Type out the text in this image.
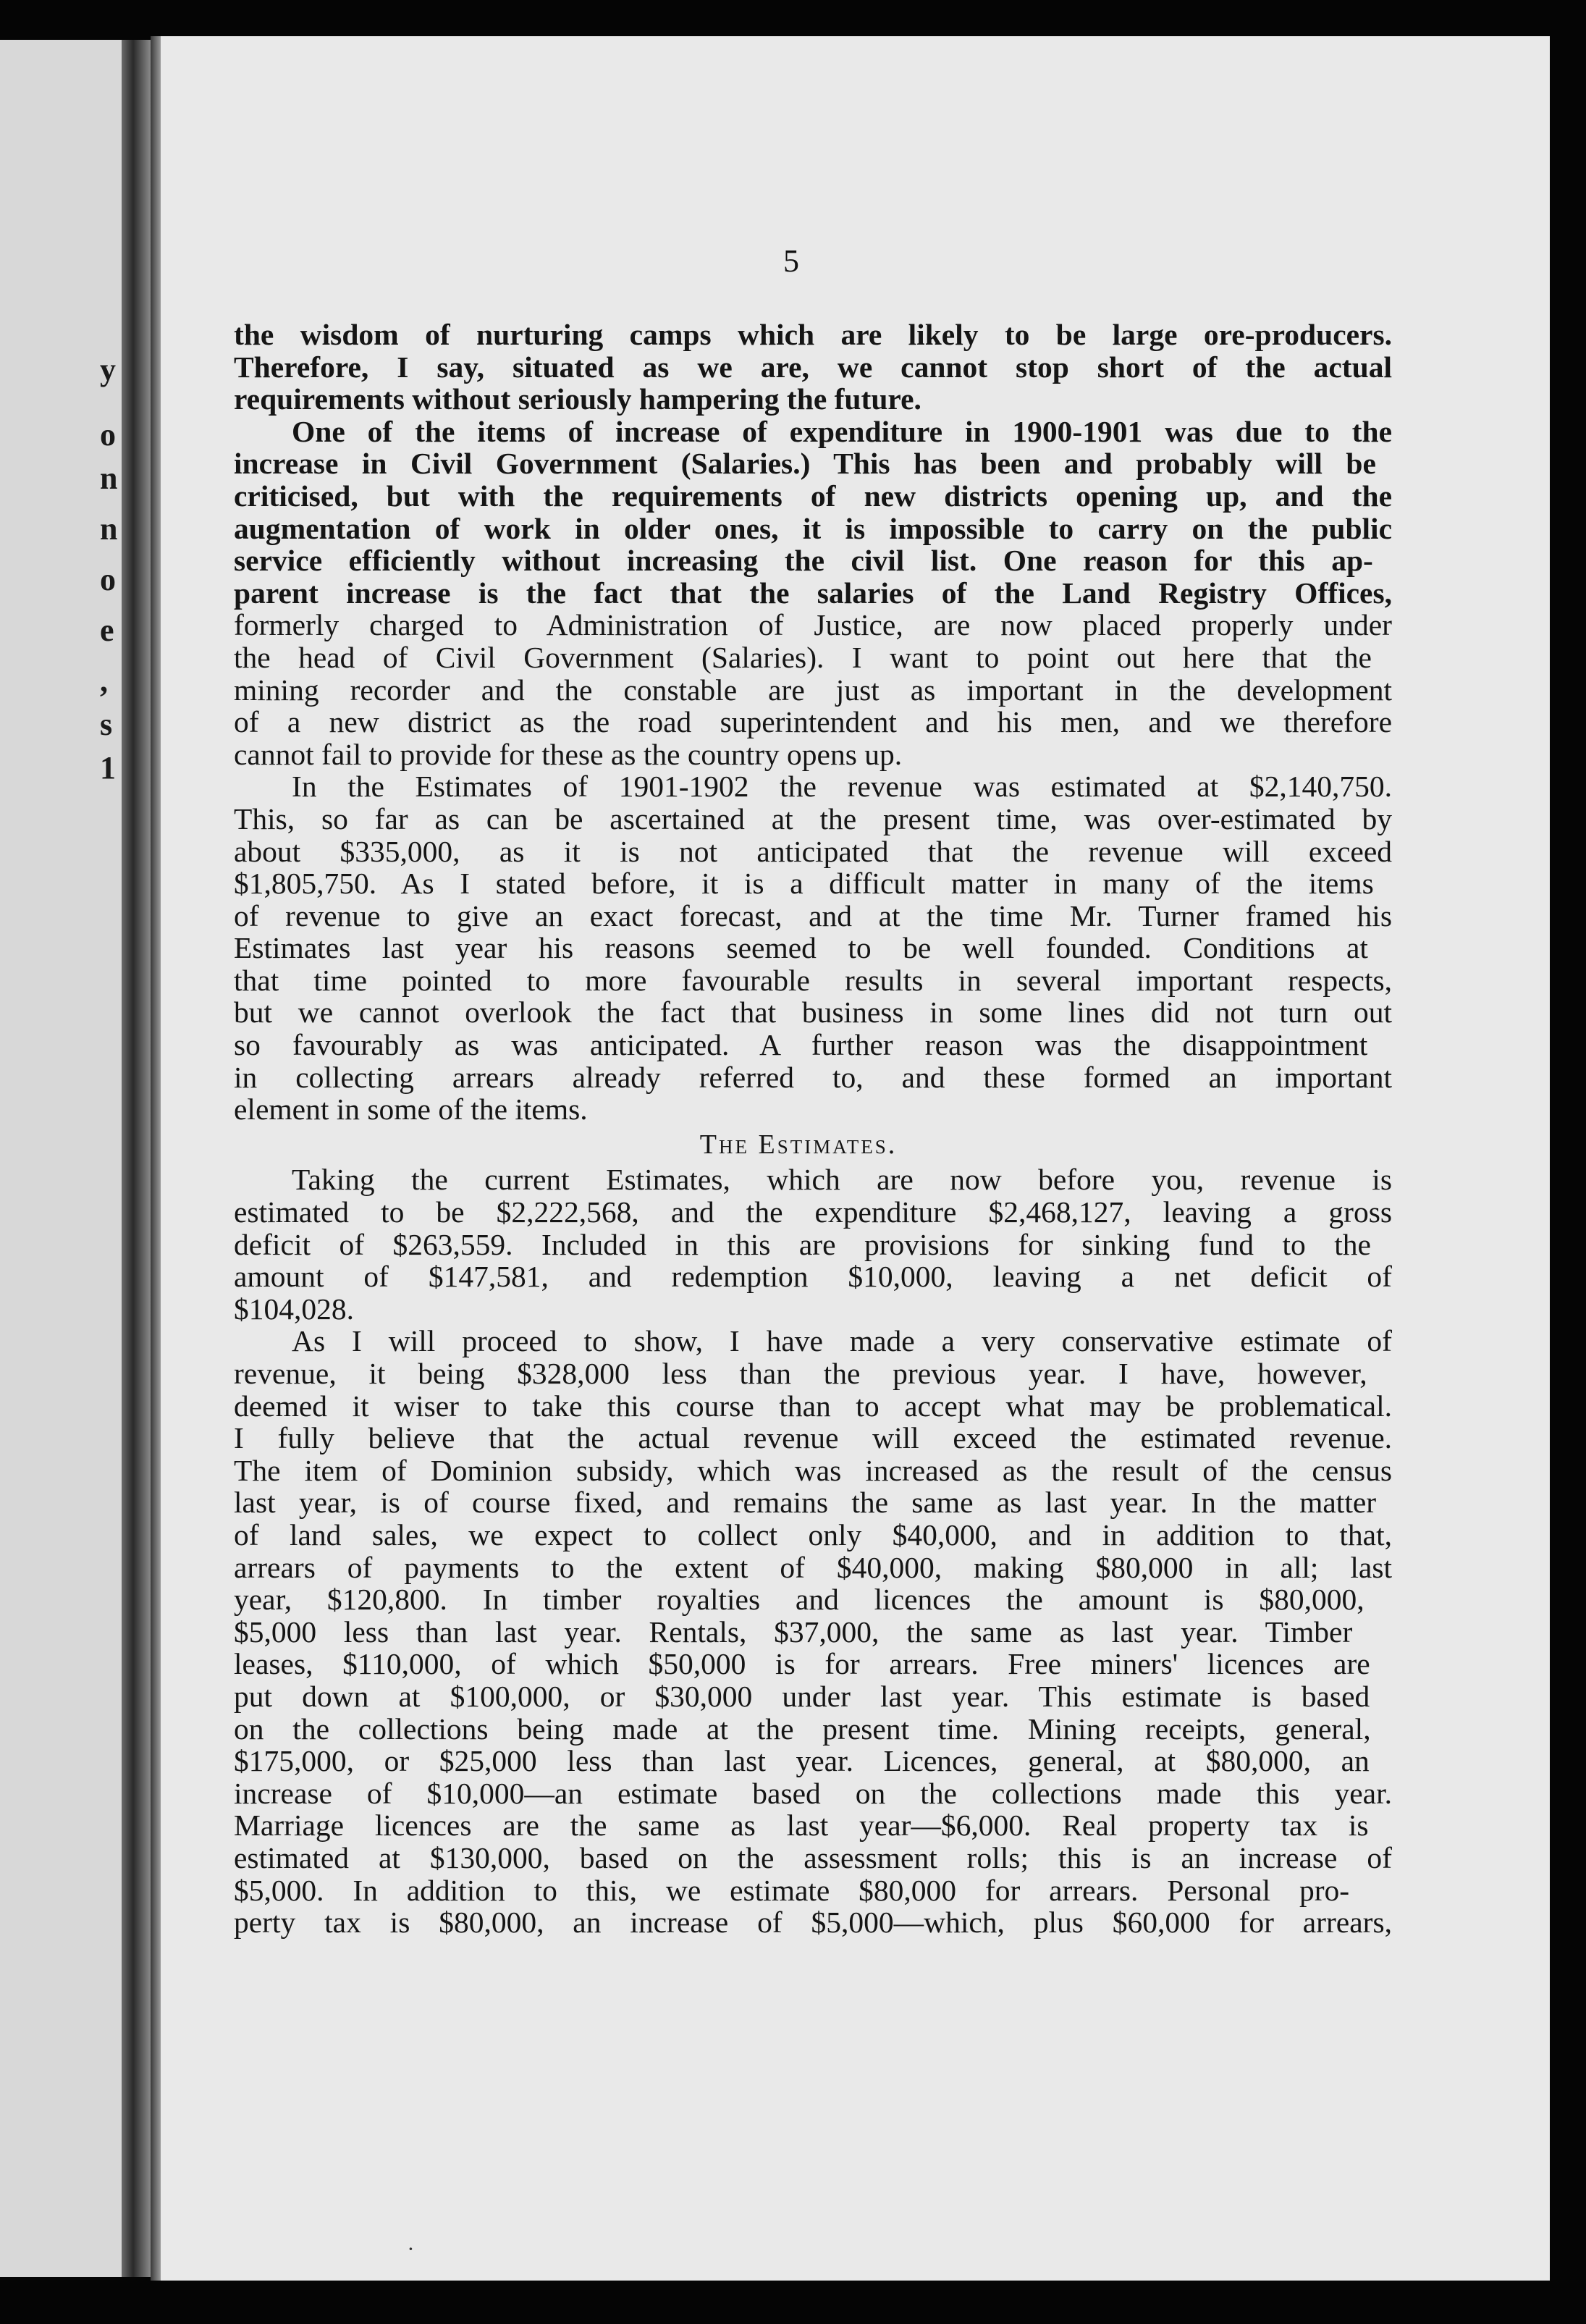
y
o
n
n
o
e
,
s
1
5
the wisdom of nurturing camps which are likely to be large ore-producers.
Therefore, I say, situated as we are, we cannot stop short of the actual
requirements without seriously hampering the future.
One of the items of increase of expenditure in 1900-1901 was due to the
increase in Civil Government (Salaries.) This has been and probably will be
criticised, but with the requirements of new districts opening up, and the
augmentation of work in older ones, it is impossible to carry on the public
service efficiently without increasing the civil list. One reason for this ap-
parent increase is the fact that the salaries of the Land Registry Offices,
formerly charged to Administration of Justice, are now placed properly under
the head of Civil Government (Salaries). I want to point out here that the
mining recorder and the constable are just as important in the development
of a new district as the road superintendent and his men, and we therefore
cannot fail to provide for these as the country opens up.
In the Estimates of 1901-1902 the revenue was estimated at $2,140,750.
This, so far as can be ascertained at the present time, was over-estimated by
about $335,000, as it is not anticipated that the revenue will exceed
$1,805,750. As I stated before, it is a difficult matter in many of the items
of revenue to give an exact forecast, and at the time Mr. Turner framed his
Estimates last year his reasons seemed to be well founded. Conditions at
that time pointed to more favourable results in several important respects,
but we cannot overlook the fact that business in some lines did not turn out
so favourably as was anticipated. A further reason was the disappointment
in collecting arrears already referred to, and these formed an important
element in some of the items.
The Estimates.
Taking the current Estimates, which are now before you, revenue is
estimated to be $2,222,568, and the expenditure $2,468,127, leaving a gross
deficit of $263,559. Included in this are provisions for sinking fund to the
amount of $147,581, and redemption $10,000, leaving a net deficit of
$104,028.
As I will proceed to show, I have made a very conservative estimate of
revenue, it being $328,000 less than the previous year. I have, however,
deemed it wiser to take this course than to accept what may be problematical.
I fully believe that the actual revenue will exceed the estimated revenue.
The item of Dominion subsidy, which was increased as the result of the census
last year, is of course fixed, and remains the same as last year. In the matter
of land sales, we expect to collect only $40,000, and in addition to that,
arrears of payments to the extent of $40,000, making $80,000 in all; last
year, $120,800. In timber royalties and licences the amount is $80,000,
$5,000 less than last year. Rentals, $37,000, the same as last year. Timber
leases, $110,000, of which $50,000 is for arrears. Free miners' licences are
put down at $100,000, or $30,000 under last year. This estimate is based
on the collections being made at the present time. Mining receipts, general,
$175,000, or $25,000 less than last year. Licences, general, at $80,000, an
increase of $10,000—an estimate based on the collections made this year.
Marriage licences are the same as last year—$6,000. Real property tax is
estimated at $130,000, based on the assessment rolls; this is an increase of
$5,000. In addition to this, we estimate $80,000 for arrears. Personal pro-
perty tax is $80,000, an increase of $5,000—which, plus $60,000 for arrears,
·
